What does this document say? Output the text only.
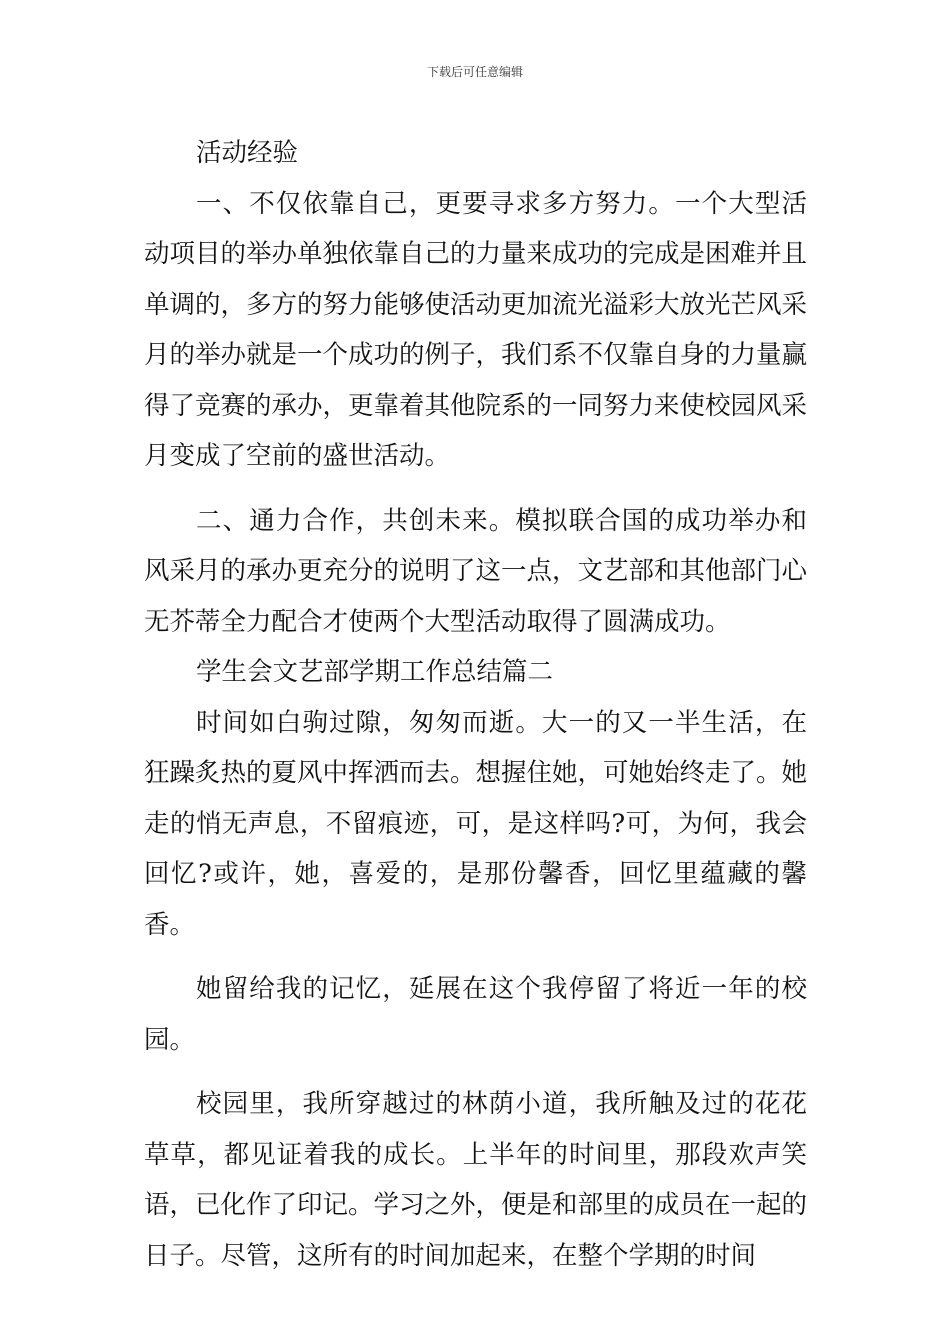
下载后可任意编辑

活动经验

一、不仅依靠自己，更要寻求多方努力。一个大型活动项目的举办单独依靠自己的力量来成功的完成是困难并且单调的，多方的努力能够使活动更加流光溢彩大放光芒风采月的举办就是一个成功的例子，我们系不仅靠自身的力量赢得了竞赛的承办，更靠着其他院系的一同努力来使校园风采月变成了空前的盛世活动。

二、通力合作，共创未来。模拟联合国的成功举办和风采月的承办更充分的说明了这一点，文艺部和其他部门心无芥蒂全力配合才使两个大型活动取得了圆满成功。

学生会文艺部学期工作总结篇二

时间如白驹过隙，匆匆而逝。大一的又一半生活，在狂躁炙热的夏风中挥洒而去。想握住她，可她始终走了。她走的悄无声息，不留痕迹，可，是这样吗?可，为何，我会回忆?或许，她，喜爱的，是那份馨香，回忆里蕴藏的馨香。

她留给我的记忆，延展在这个我停留了将近一年的校园。

校园里，我所穿越过的林荫小道，我所触及过的花花草草，都见证着我的成长。上半年的时间里，那段欢声笑语，已化作了印记。学习之外，便是和部里的成员在一起的日子。尽管，这所有的时间加起来，在整个学期的时间
